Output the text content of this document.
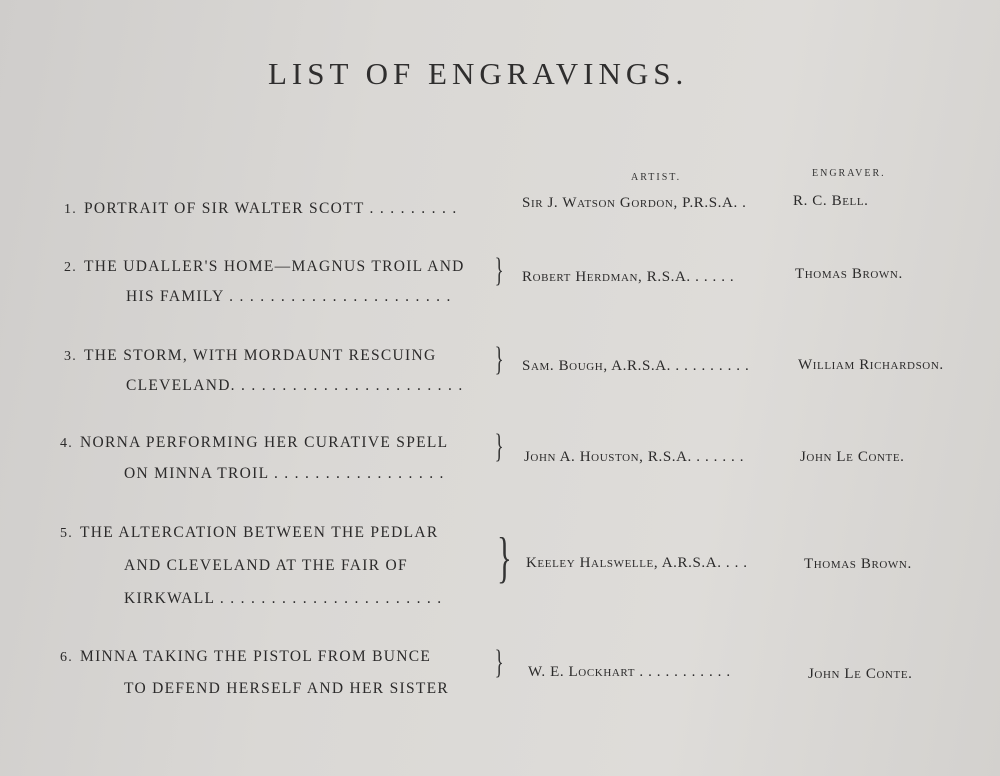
LIST OF ENGRAVINGS.
ARTIST.	ENGRAVER.
1. PORTRAIT OF SIR WALTER SCOTT . . . . . . . . .	Sir J. Watson Gordon, P.R.S.A. .	R. C. Bell.
2. THE UDALLER'S HOME—MAGNUS TROIL AND
HIS FAMILY . . . . . . . . . . . . . . . . . . . . . .
} Robert Herdman, R.S.A. . . . . .	Thomas Brown.
3. THE STORM, WITH MORDAUNT RESCUING
CLEVELAND. . . . . . . . . . . . . . . . . . . . . . .
} Sam. Bough, A.R.S.A. . . . . . . . . .	William Richardson.
4. NORNA PERFORMING HER CURATIVE SPELL
ON MINNA TROIL . . . . . . . . . . . . . . . . .
} John A. Houston, R.S.A. . . . . . .	John Le Conte.
5. THE ALTERCATION BETWEEN THE PEDLAR
AND CLEVELAND AT THE FAIR OF
KIRKWALL . . . . . . . . . . . . . . . . . . . . . .
} Keeley Halswelle, A.R.S.A. . . .	Thomas Brown.
6. MINNA TAKING THE PISTOL FROM BUNCE
TO DEFEND HERSELF AND HER SISTER
} W. E. Lockhart . . . . . . . . . . .	John Le Conte.
